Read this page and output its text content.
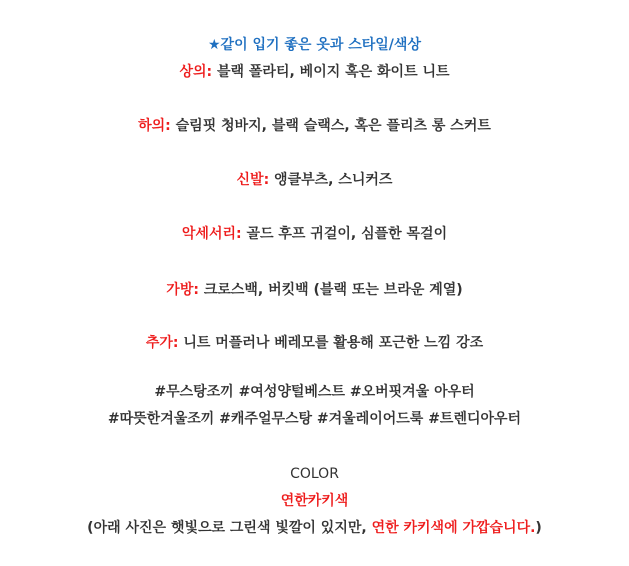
★같이 입기 좋은 옷과 스타일/색상
상의: 블랙 폴라티, 베이지 혹은 화이트 니트
하의: 슬림핏 청바지, 블랙 슬랙스, 혹은 플리츠 롱 스커트
신발: 앵클부츠, 스니커즈
악세서리: 골드 후프 귀걸이, 심플한 목걸이
가방: 크로스백, 버킷백 (블랙 또는 브라운 계열)
추가: 니트 머플러나 베레모를 활용해 포근한 느낌 강조
#무스탕조끼 #여성양털베스트 #오버핏겨울 아우터
#따뜻한겨울조끼 #캐주얼무스탕 #겨울레이어드룩 #트렌디아우터
COLOR
연한카키색
(아래 사진은 햇빛으로 그린색 빛깔이 있지만, 연한 카키색에 가깝습니다.)
